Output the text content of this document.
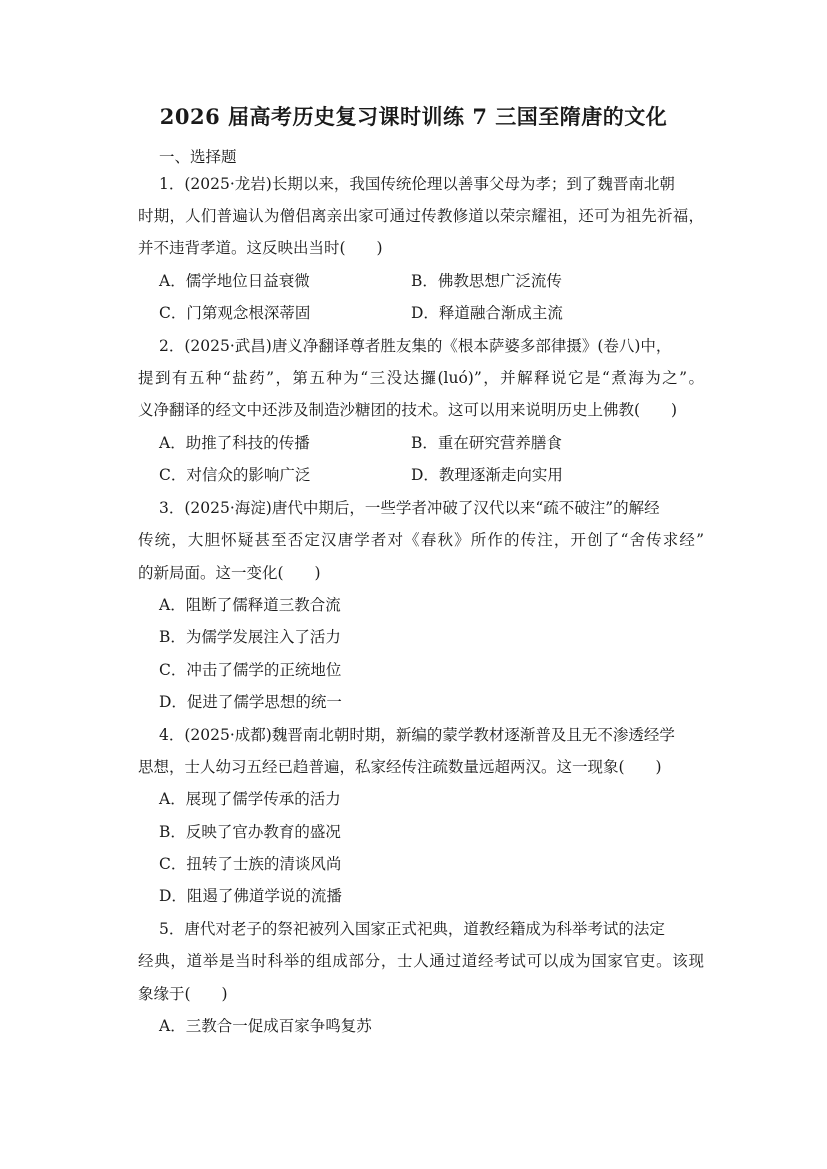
2026 届高考历史复习课时训练 7 三国至隋唐的文化
一、选择题
1．(2025·龙岩)长期以来，我国传统伦理以善事父母为孝；到了魏晋南北朝
时期，人们普遍认为僧侣离亲出家可通过传教修道以荣宗耀祖，还可为祖先祈福，
并不违背孝道。这反映出当时(　　)
A．儒学地位日益衰微	B．佛教思想广泛流传
C．门第观念根深蒂固	D．释道融合渐成主流
2．(2025·武昌)唐义净翻译尊者胜友集的《根本萨婆多部律摄》(卷八)中，
提到有五种“盐药”，第五种为“三没达攞(luó)”，并解释说它是“煮海为之”。
义净翻译的经文中还涉及制造沙糖团的技术。这可以用来说明历史上佛教(　　)
A．助推了科技的传播	B．重在研究营养膳食
C．对信众的影响广泛	D．教理逐渐走向实用
3．(2025·海淀)唐代中期后，一些学者冲破了汉代以来“疏不破注”的解经
传统，大胆怀疑甚至否定汉唐学者对《春秋》所作的传注，开创了“舍传求经”
的新局面。这一变化(　　)
A．阻断了儒释道三教合流
B．为儒学发展注入了活力
C．冲击了儒学的正统地位
D．促进了儒学思想的统一
4．(2025·成都)魏晋南北朝时期，新编的蒙学教材逐渐普及且无不渗透经学
思想，士人幼习五经已趋普遍，私家经传注疏数量远超两汉。这一现象(　　)
A．展现了儒学传承的活力
B．反映了官办教育的盛况
C．扭转了士族的清谈风尚
D．阻遏了佛道学说的流播
5．唐代对老子的祭祀被列入国家正式祀典，道教经籍成为科举考试的法定
经典，道举是当时科举的组成部分，士人通过道经考试可以成为国家官吏。该现
象缘于(　　)
A．三教合一促成百家争鸣复苏
